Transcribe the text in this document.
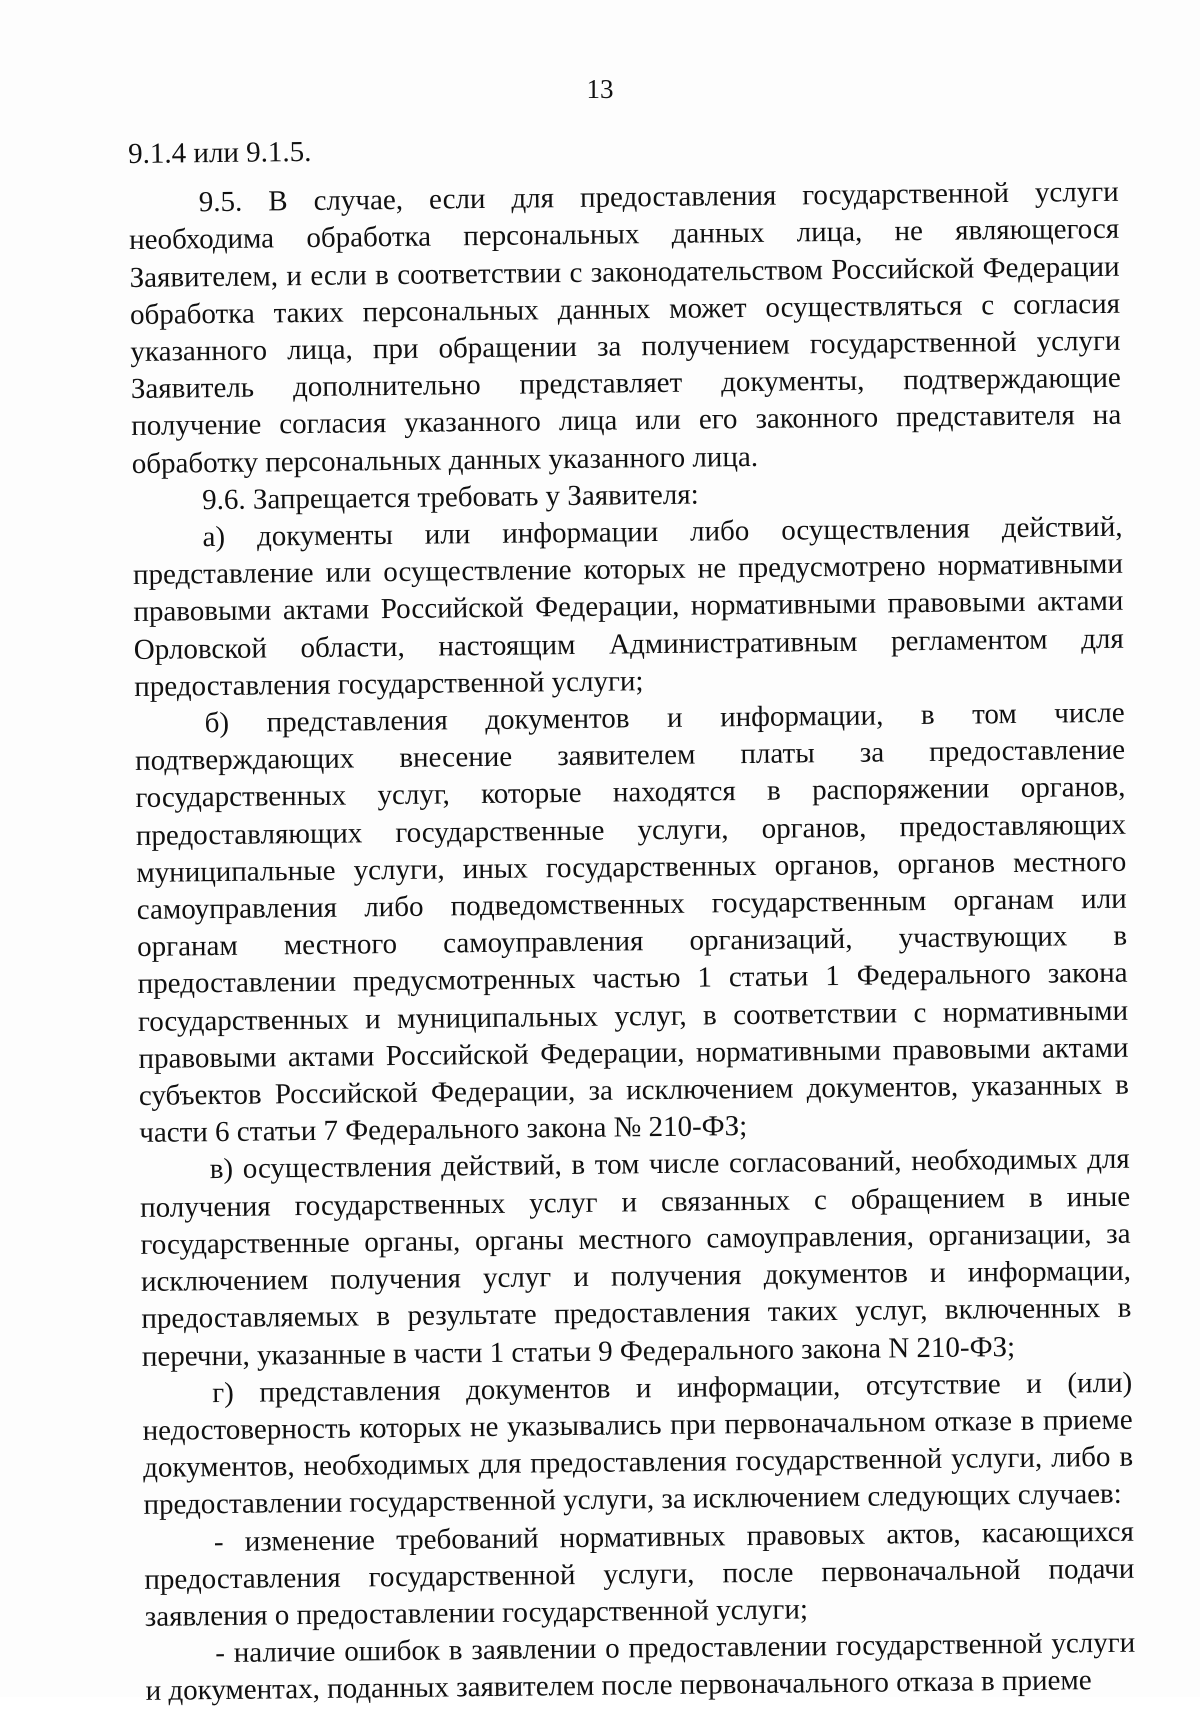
13

9.1.4 или 9.1.5.

9.5. В случае, если для предоставления государственной услуги необходима обработка персональных данных лица, не являющегося Заявителем, и если в соответствии с законодательством Российской Федерации обработка таких персональных данных может осуществляться с согласия указанного лица, при обращении за получением государственной услуги Заявитель дополнительно представляет документы, подтверждающие получение согласия указанного лица или его законного представителя на обработку персональных данных указанного лица.

9.6. Запрещается требовать у Заявителя:

а) документы или информации либо осуществления действий, представление или осуществление которых не предусмотрено нормативными правовыми актами Российской Федерации, нормативными правовыми актами Орловской области, настоящим Административным регламентом для предоставления государственной услуги;

б) представления документов и информации, в том числе подтверждающих внесение заявителем платы за предоставление государственных услуг, которые находятся в распоряжении органов, предоставляющих государственные услуги, органов, предоставляющих муниципальные услуги, иных государственных органов, органов местного самоуправления либо подведомственных государственным органам или органам местного самоуправления организаций, участвующих в предоставлении предусмотренных частью 1 статьи 1 Федерального закона государственных и муниципальных услуг, в соответствии с нормативными правовыми актами Российской Федерации, нормативными правовыми актами субъектов Российской Федерации, за исключением документов, указанных в части 6 статьи 7 Федерального закона № 210-ФЗ;

в) осуществления действий, в том числе согласований, необходимых для получения государственных услуг и связанных с обращением в иные государственные органы, органы местного самоуправления, организации, за исключением получения услуг и получения документов и информации, предоставляемых в результате предоставления таких услуг, включенных в перечни, указанные в части 1 статьи 9 Федерального закона N 210-ФЗ;

г) представления документов и информации, отсутствие и (или) недостоверность которых не указывались при первоначальном отказе в приеме документов, необходимых для предоставления государственной услуги, либо в предоставлении государственной услуги, за исключением следующих случаев:

- изменение требований нормативных правовых актов, касающихся предоставления государственной услуги, после первоначальной подачи заявления о предоставлении государственной услуги;

- наличие ошибок в заявлении о предоставлении государственной услуги и документах, поданных заявителем после первоначального отказа в приеме
